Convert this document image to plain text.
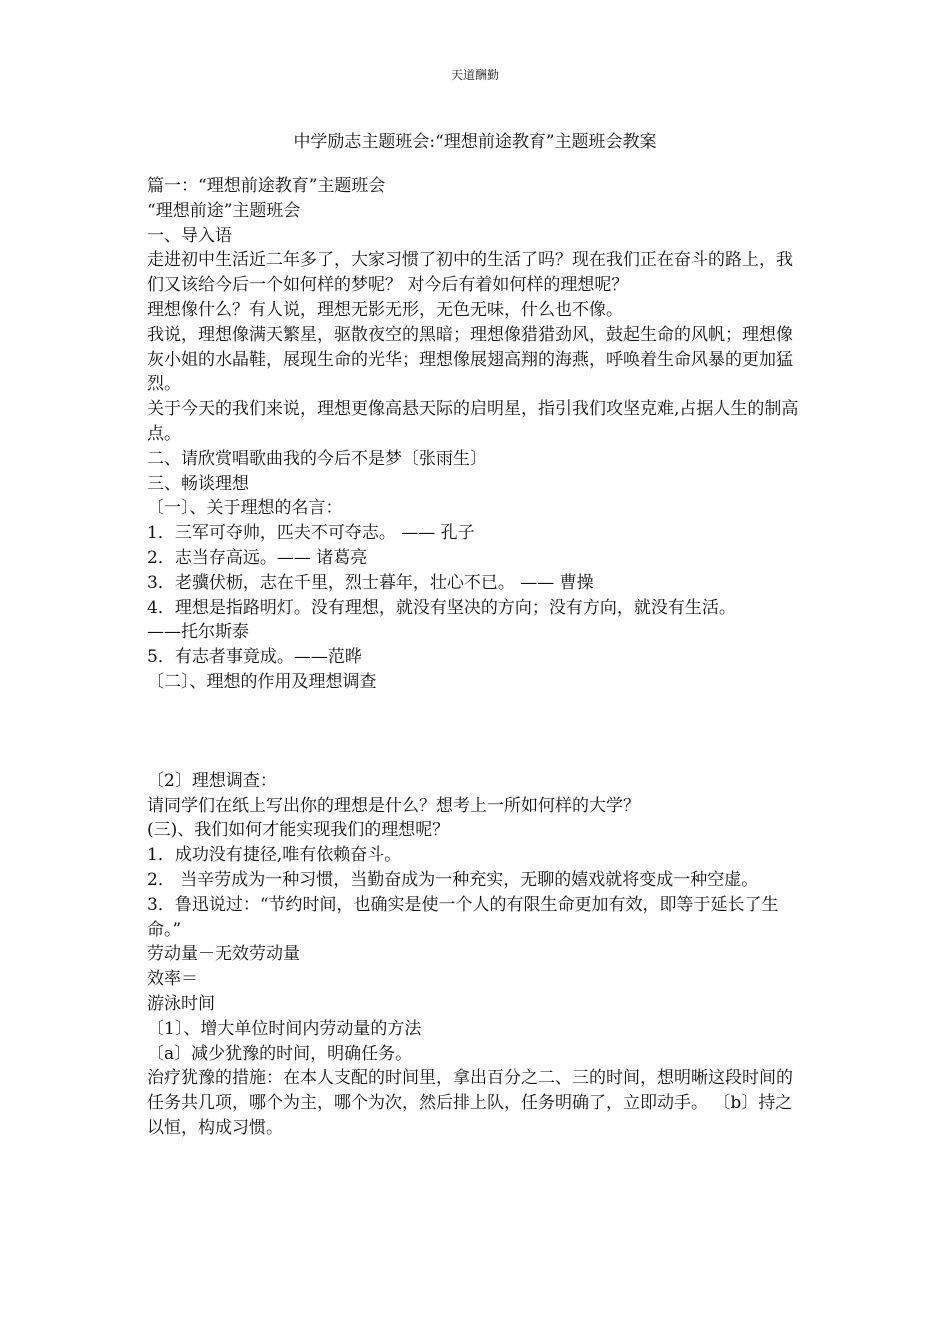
天道酬勤
中学励志主题班会:“理想前途教育”主题班会教案

篇一：“理想前途教育”主题班会

“理想前途”主题班会

一、导入语

走进初中生活近二年多了，大家习惯了初中的生活了吗？现在我们正在奋斗的路上，我们又该给今后一个如何样的梦呢？ 对今后有着如何样的理想呢？

理想像什么？有人说，理想无影无形，无色无味，什么也不像。

我说，理想像满天繁星，驱散夜空的黑暗；理想像猎猎劲风，鼓起生命的风帆；理想像灰小姐的水晶鞋，展现生命的光华；理想像展翅高翔的海燕，呼唤着生命风暴的更加猛烈。

关于今天的我们来说，理想更像高悬天际的启明星，指引我们攻坚克难,占据人生的制高点。

二、请欣赏唱歌曲我的今后不是梦〔张雨生〕

三、畅谈理想

〔一〕、关于理想的名言：

1．三军可夺帅，匹夫不可夺志。 —— 孔子

2．志当存高远。—— 诸葛亮

3．老骥伏枥，志在千里，烈士暮年，壮心不已。 —— 曹操

4．理想是指路明灯。没有理想，就没有坚决的方向；没有方向，就没有生活。

——托尔斯泰

5．有志者事竟成。——范晔

〔二〕、理想的作用及理想调查

〔2〕理想调查：

请同学们在纸上写出你的理想是什么？想考上一所如何样的大学？

(三)、我们如何才能实现我们的理想呢？

1．成功没有捷径,唯有依赖奋斗。

2． 当辛劳成为一种习惯，当勤奋成为一种充实，无聊的嬉戏就将变成一种空虚。

3．鲁迅说过：“节约时间，也确实是使一个人的有限生命更加有效，即等于延长了生命。”

劳动量－无效劳动量

效率＝

游泳时间

〔1〕、增大单位时间内劳动量的方法

〔a〕减少犹豫的时间，明确任务。

治疗犹豫的措施：在本人支配的时间里，拿出百分之二、三的时间，想明晰这段时间的任务共几项，哪个为主，哪个为次，然后排上队，任务明确了，立即动手。 〔b〕持之以恒，构成习惯。
